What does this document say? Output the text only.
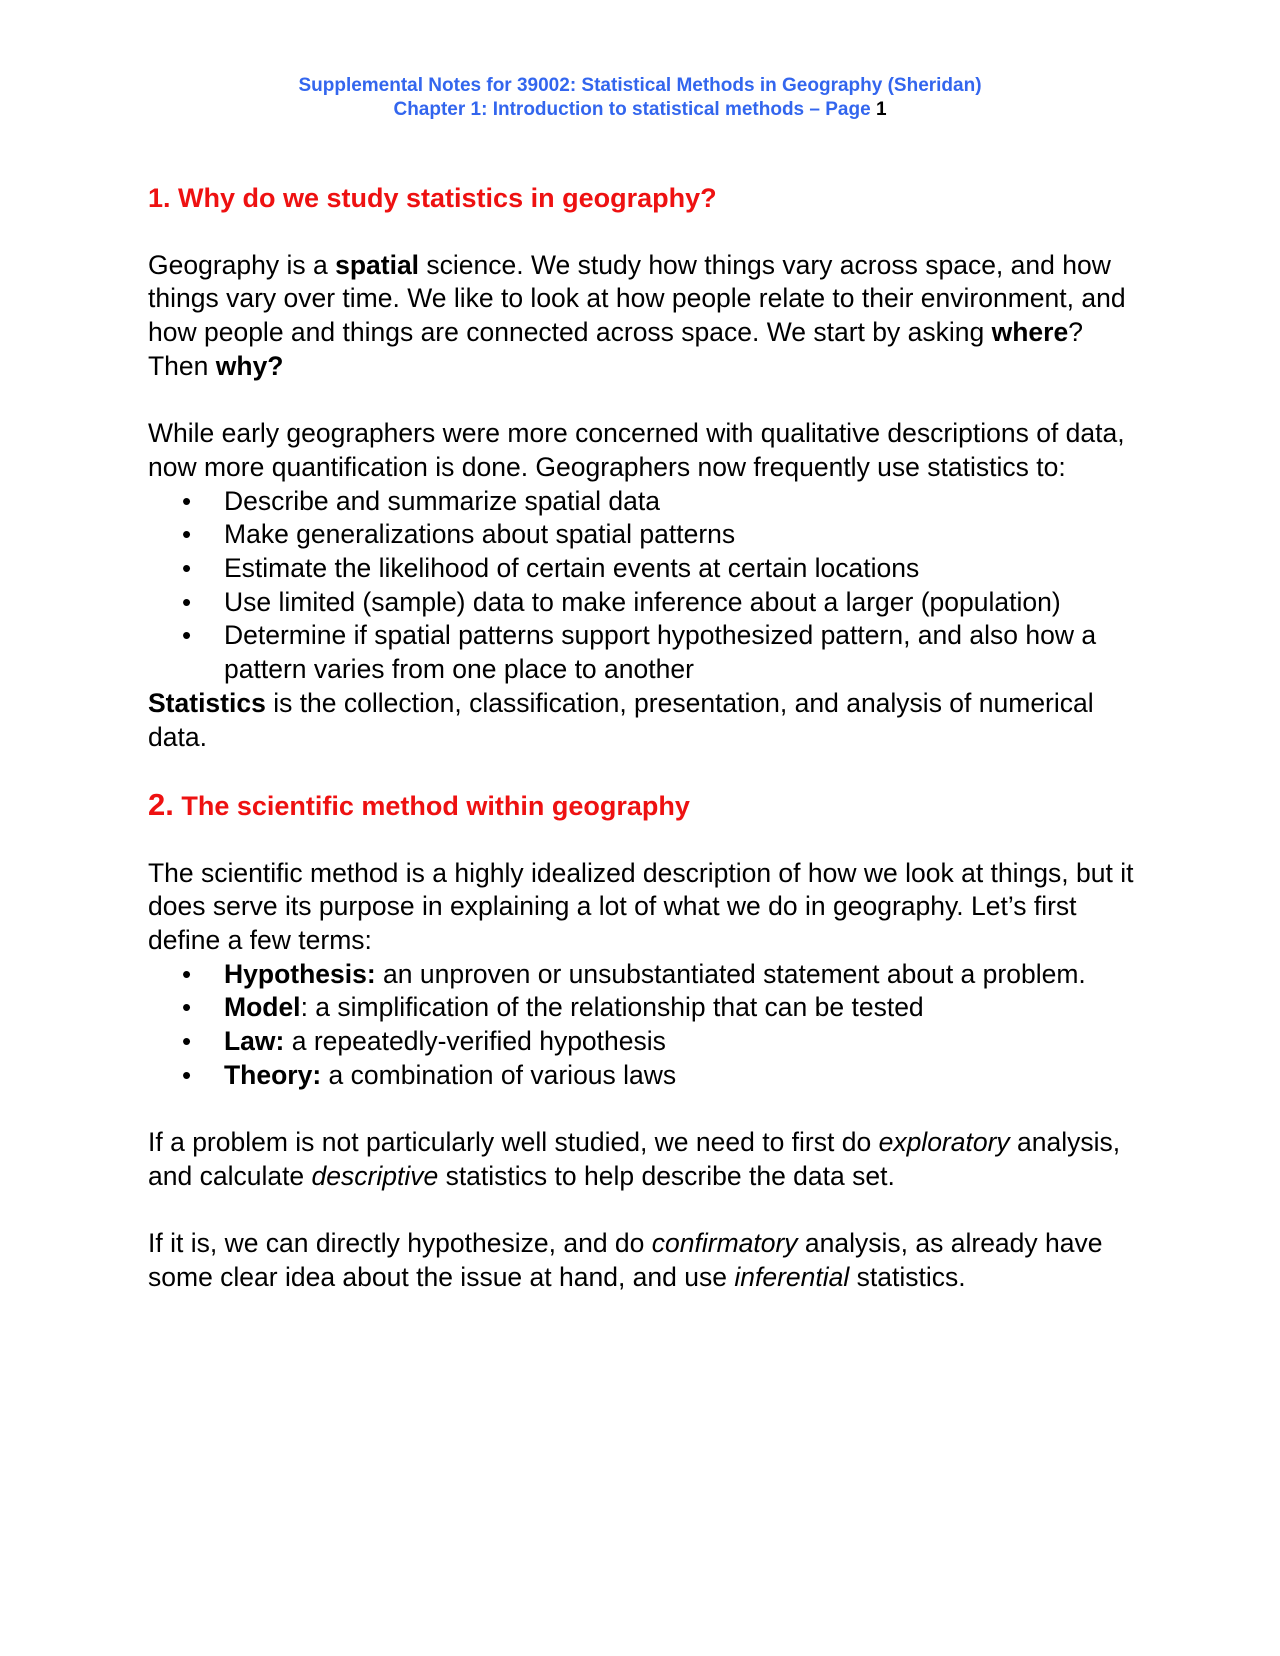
Supplemental Notes for 39002: Statistical Methods in Geography (Sheridan)
Chapter 1: Introduction to statistical methods – Page 1
1. Why do we study statistics in geography?

Geography is a spatial science. We study how things vary across space, and how things vary over time. We like to look at how people relate to their environment, and how people and things are connected across space. We start by asking where? Then why?

While early geographers were more concerned with qualitative descriptions of data, now more quantification is done. Geographers now frequently use statistics to:

• Describe and summarize spatial data
• Make generalizations about spatial patterns
• Estimate the likelihood of certain events at certain locations
• Use limited (sample) data to make inference about a larger (population)
• Determine if spatial patterns support hypothesized pattern, and also how a pattern varies from one place to another

Statistics is the collection, classification, presentation, and analysis of numerical data.

2. The scientific method within geography

The scientific method is a highly idealized description of how we look at things, but it does serve its purpose in explaining a lot of what we do in geography. Let’s first define a few terms:

• Hypothesis: an unproven or unsubstantiated statement about a problem.
• Model: a simplification of the relationship that can be tested
• Law: a repeatedly-verified hypothesis
• Theory: a combination of various laws

If a problem is not particularly well studied, we need to first do exploratory analysis, and calculate descriptive statistics to help describe the data set.

If it is, we can directly hypothesize, and do confirmatory analysis, as already have some clear idea about the issue at hand, and use inferential statistics.
